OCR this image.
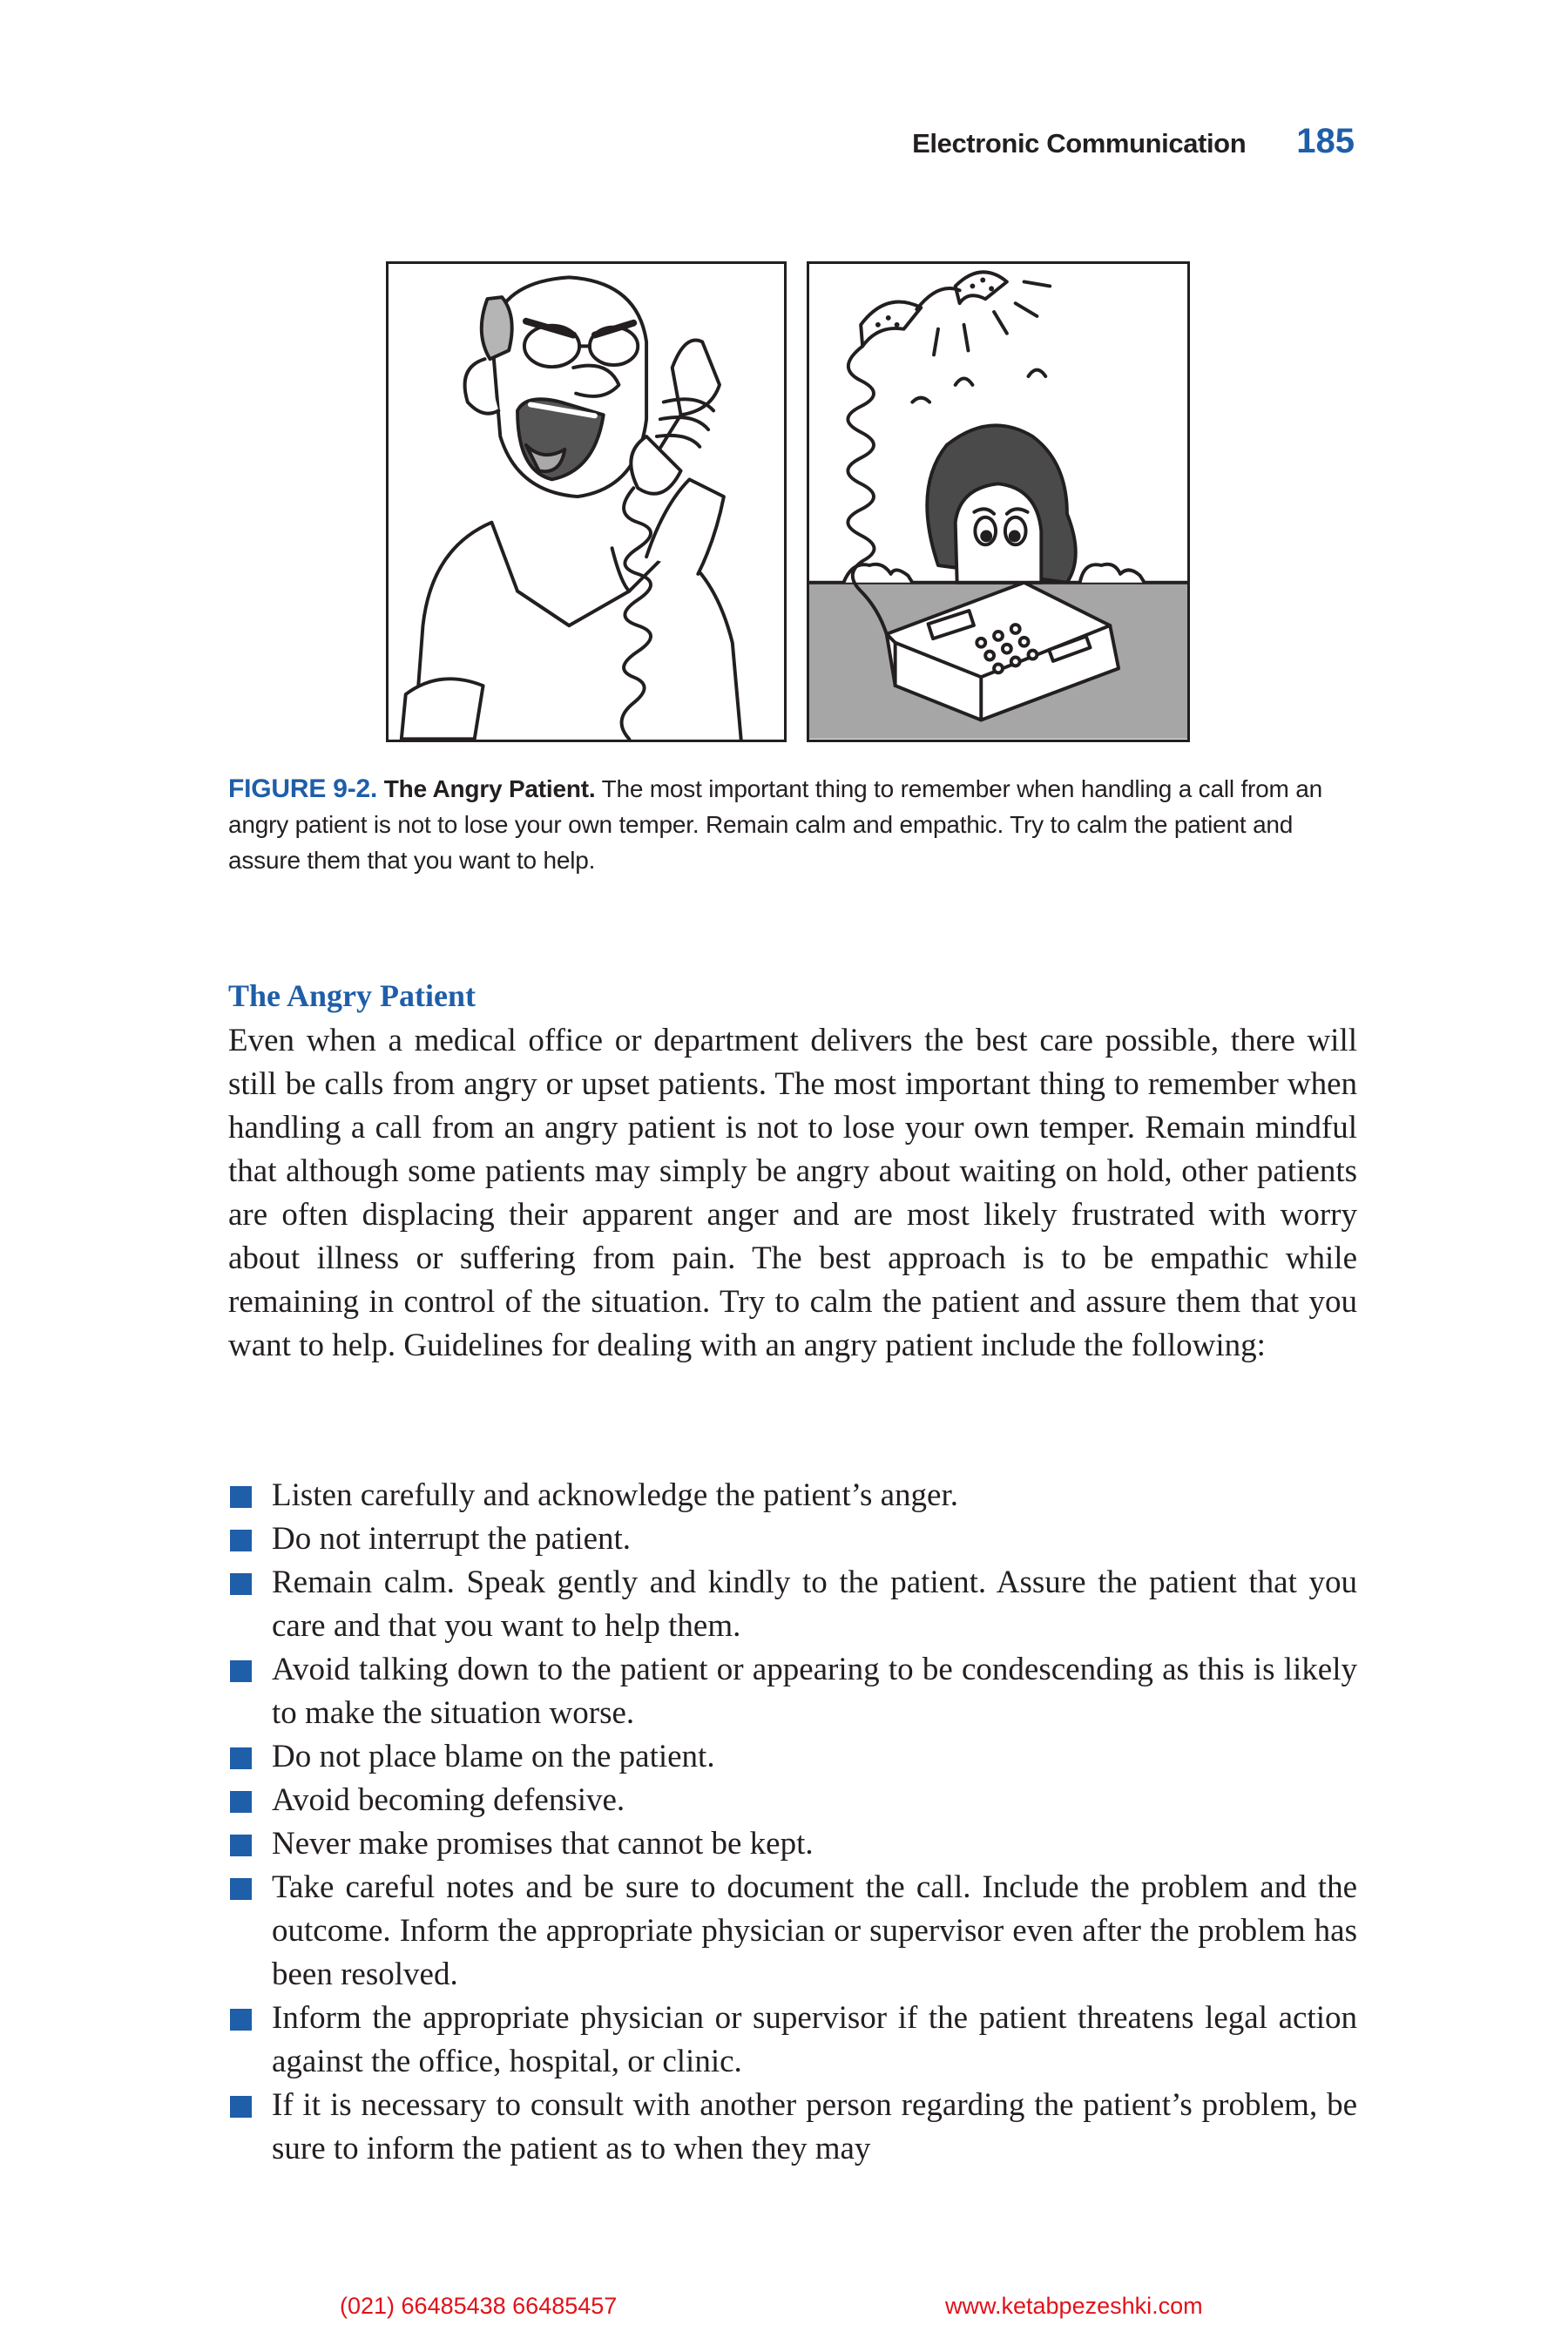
Electronic Communication 185
FIGURE 9-2. The Angry Patient. The most important thing to remember when handling a call from an angry patient is not to lose your own temper. Remain calm and empathic. Try to calm the patient and assure them that you want to help.
The Angry Patient

Even when a medical office or department delivers the best care possible, there will still be calls from angry or upset patients. The most important thing to remember when handling a call from an angry patient is not to lose your own temper. Remain mindful that although some patients may simply be angry about waiting on hold, other patients are often displacing their apparent anger and are most likely frustrated with worry about illness or suffering from pain. The best approach is to be empathic while remaining in control of the situation. Try to calm the patient and assure them that you want to help. Guidelines for dealing with an angry patient include the following:

Listen carefully and acknowledge the patient’s anger.
Do not interrupt the patient.
Remain calm. Speak gently and kindly to the patient. Assure the patient that you care and that you want to help them.
Avoid talking down to the patient or appearing to be condescending as this is likely to make the situation worse.
Do not place blame on the patient.
Avoid becoming defensive.
Never make promises that cannot be kept.
Take careful notes and be sure to document the call. Include the problem and the outcome. Inform the appropriate physician or supervisor even after the problem has been resolved.
Inform the appropriate physician or supervisor if the patient threatens legal action against the office, hospital, or clinic.
If it is necessary to consult with another person regarding the patient’s problem, be sure to inform the patient as to when they may
(021) 66485438 66485457	www.ketabpezeshki.com
